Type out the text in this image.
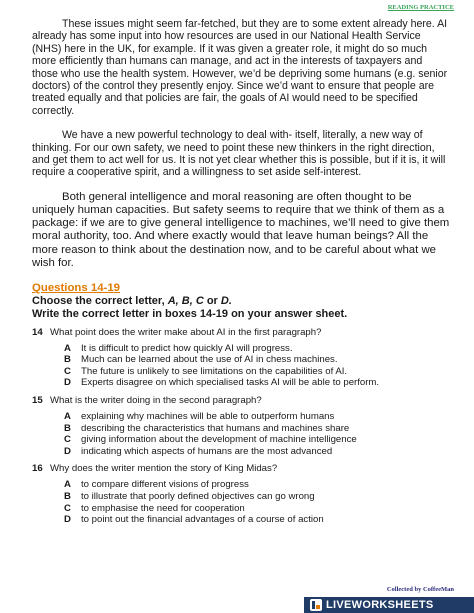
READING PRACTICE

These issues might seem far-fetched, but they are to some extent already here. AI already has some input into how resources are used in our National Health Service (NHS) here in the UK, for example. If it was given a greater role, it might do so much more efficiently than humans can manage, and act in the interests of taxpayers and those who use the health system. However, we’d be depriving some humans (e.g. senior doctors) of the control they presently enjoy. Since we’d want to ensure that people are treated equally and that policies are fair, the goals of AI would need to be specified correctly.

We have a new powerful technology to deal with- itself, literally, a new way of thinking. For our own safety, we need to point these new thinkers in the right direction, and get them to act well for us. It is not yet clear whether this is possible, but if it is, it will require a cooperative spirit, and a willingness to set aside self-interest.

Both general intelligence and moral reasoning are often thought to be uniquely human capacities. But safety seems to require that we think of them as a package: if we are to give general intelligence to machines, we’ll need to give them moral authority, too. And where exactly would that leave human beings? All the more reason to think about the destination now, and to be careful about what we wish for.

Questions 14-19
Choose the correct letter, A, B, C or D.
Write the correct letter in boxes 14-19 on your answer sheet.
14 What point does the writer make about AI in the first paragraph?
A	It is difficult to predict how quickly AI will progress.
B	Much can be learned about the use of AI in chess machines.
C	The future is unlikely to see limitations on the capabilities of AI.
D	Experts disagree on which specialised tasks AI will be able to perform.
15 What is the writer doing in the second paragraph?
A	explaining why machines will be able to outperform humans
B	describing the characteristics that humans and machines share
C	giving information about the development of machine intelligence
D	indicating which aspects of humans are the most advanced
16 Why does the writer mention the story of King Midas?
A	to compare different visions of progress
B	to illustrate that poorly defined objectives can go wrong
C	to emphasise the need for cooperation
D	to point out the financial advantages of a course of action
Collected by CoffeeMan
LIVEWORKSHEETS
